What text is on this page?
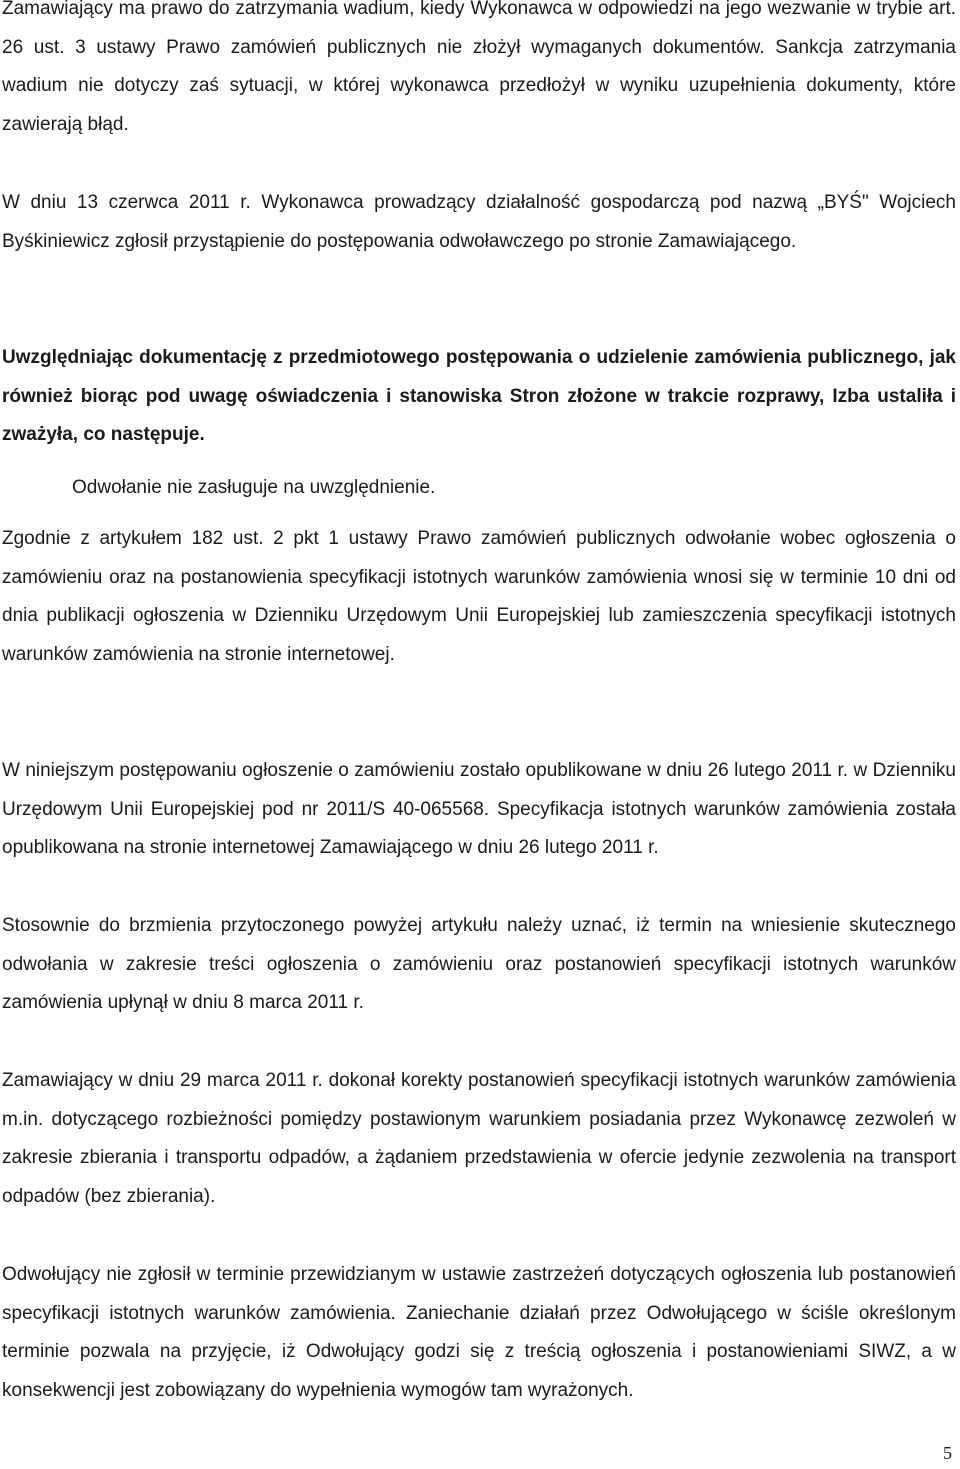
Zamawiający ma prawo do zatrzymania wadium, kiedy Wykonawca w odpowiedzi na jego wezwanie w trybie art. 26 ust. 3 ustawy Prawo zamówień publicznych nie złożył wymaganych dokumentów. Sankcja zatrzymania wadium nie dotyczy zaś sytuacji, w której wykonawca przedłożył w wyniku uzupełnienia dokumenty, które zawierają błąd.

W dniu 13 czerwca 2011 r. Wykonawca prowadzący działalność gospodarczą pod nazwą „BYŚ" Wojciech Byśkiniewicz zgłosił przystąpienie do postępowania odwoławczego po stronie Zamawiającego.

Uwzględniając dokumentację z przedmiotowego postępowania o udzielenie zamówienia publicznego, jak również biorąc pod uwagę oświadczenia i stanowiska Stron złożone w trakcie rozprawy, Izba ustaliła i zważyła, co następuje.

Odwołanie nie zasługuje na uwzględnienie.

Zgodnie z artykułem 182 ust. 2 pkt 1 ustawy Prawo zamówień publicznych odwołanie wobec ogłoszenia o zamówieniu oraz na postanowienia specyfikacji istotnych warunków zamówienia wnosi się w terminie 10 dni od dnia publikacji ogłoszenia w Dzienniku Urzędowym Unii Europejskiej lub zamieszczenia specyfikacji istotnych warunków zamówienia na stronie internetowej.

W niniejszym postępowaniu ogłoszenie o zamówieniu zostało opublikowane w dniu 26 lutego 2011 r. w Dzienniku Urzędowym Unii Europejskiej pod nr 2011/S 40-065568. Specyfikacja istotnych warunków zamówienia została opublikowana na stronie internetowej Zamawiającego w dniu 26 lutego 2011 r.

Stosownie do brzmienia przytoczonego powyżej artykułu należy uznać, iż termin na wniesienie skutecznego odwołania w zakresie treści ogłoszenia o zamówieniu oraz postanowień specyfikacji istotnych warunków zamówienia upłynął w dniu 8 marca 2011 r.

Zamawiający w dniu 29 marca 2011 r. dokonał korekty postanowień specyfikacji istotnych warunków zamówienia m.in. dotyczącego rozbieżności pomiędzy postawionym warunkiem posiadania przez Wykonawcę zezwoleń w zakresie zbierania i transportu odpadów, a żądaniem przedstawienia w ofercie jedynie zezwolenia na transport odpadów (bez zbierania).

Odwołujący nie zgłosił w terminie przewidzianym w ustawie zastrzeżeń dotyczących ogłoszenia lub postanowień specyfikacji istotnych warunków zamówienia. Zaniechanie działań przez Odwołującego w ściśle określonym terminie pozwala na przyjęcie, iż Odwołujący godzi się z treścią ogłoszenia i postanowieniami SIWZ, a w konsekwencji jest zobowiązany do wypełnienia wymogów tam wyrażonych.

5
